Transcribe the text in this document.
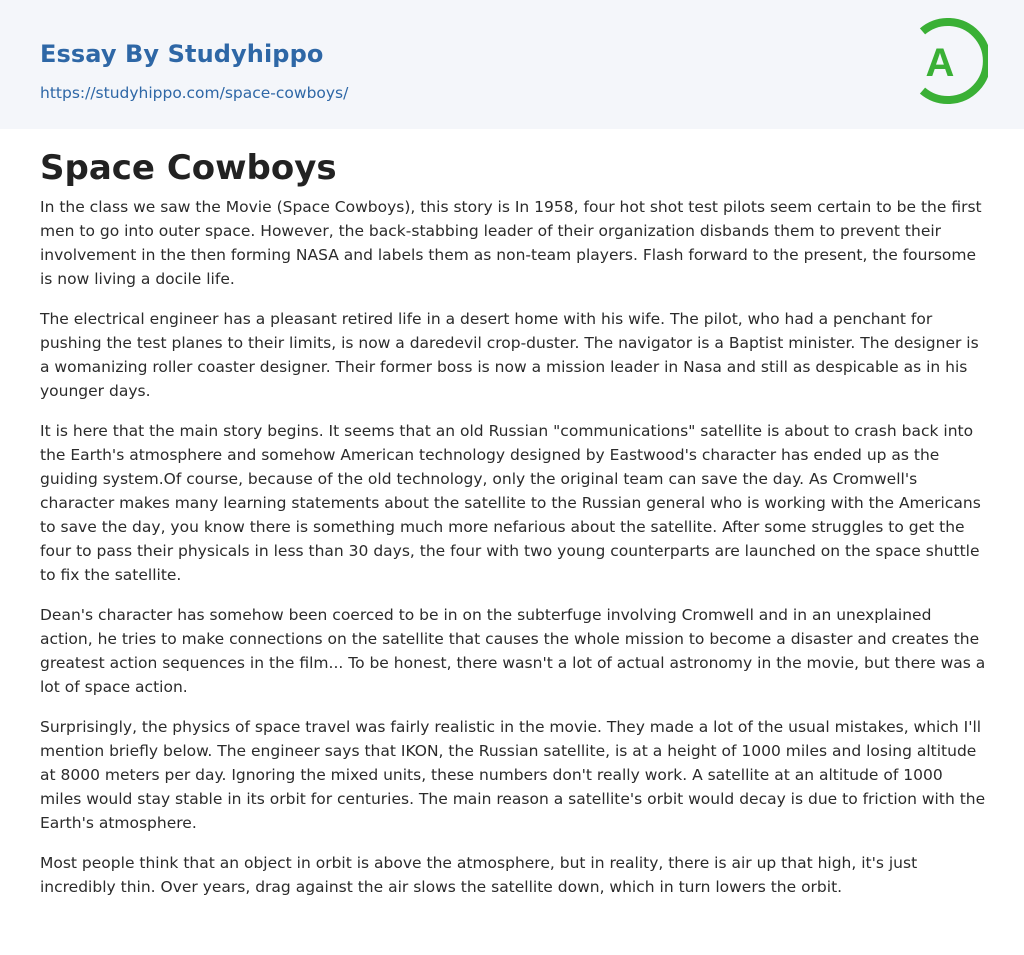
Essay By Studyhippo
https://studyhippo.com/space-cowboys/
A
Space Cowboys

In the class we saw the Movie (Space Cowboys), this story is In 1958, four hot shot test pilots seem certain to be the first men to go into outer space. However, the back-stabbing leader of their organization disbands them to prevent their involvement in the then forming NASA and labels them as non-team players. Flash forward to the present, the foursome is now living a docile life.

The electrical engineer has a pleasant retired life in a desert home with his wife. The pilot, who had a penchant for pushing the test planes to their limits, is now a daredevil crop-duster. The navigator is a Baptist minister. The designer is a womanizing roller coaster designer. Their former boss is now a mission leader in Nasa and still as despicable as in his younger days.

It is here that the main story begins. It seems that an old Russian "communications" satellite is about to crash back into the Earth's atmosphere and somehow American technology designed by Eastwood's character has ended up as the guiding system.Of course, because of the old technology, only the original team can save the day. As Cromwell's character makes many learning statements about the satellite to the Russian general who is working with the Americans to save the day, you know there is something much more nefarious about the satellite. After some struggles to get the four to pass their physicals in less than 30 days, the four with two young counterparts are launched on the space shuttle to fix the satellite.

Dean's character has somehow been coerced to be in on the subterfuge involving Cromwell and in an unexplained action, he tries to make connections on the satellite that causes the whole mission to become a disaster and creates the greatest action sequences in the film... To be honest, there wasn't a lot of actual astronomy in the movie, but there was a lot of space action.

Surprisingly, the physics of space travel was fairly realistic in the movie. They made a lot of the usual mistakes, which I'll mention briefly below. The engineer says that IKON, the Russian satellite, is at a height of 1000 miles and losing altitude at 8000 meters per day. Ignoring the mixed units, these numbers don't really work. A satellite at an altitude of 1000 miles would stay stable in its orbit for centuries. The main reason a satellite's orbit would decay is due to friction with the Earth's atmosphere.

Most people think that an object in orbit is above the atmosphere, but in reality, there is air up that high, it's just incredibly thin. Over years, drag against the air slows the satellite down, which in turn lowers the orbit.
